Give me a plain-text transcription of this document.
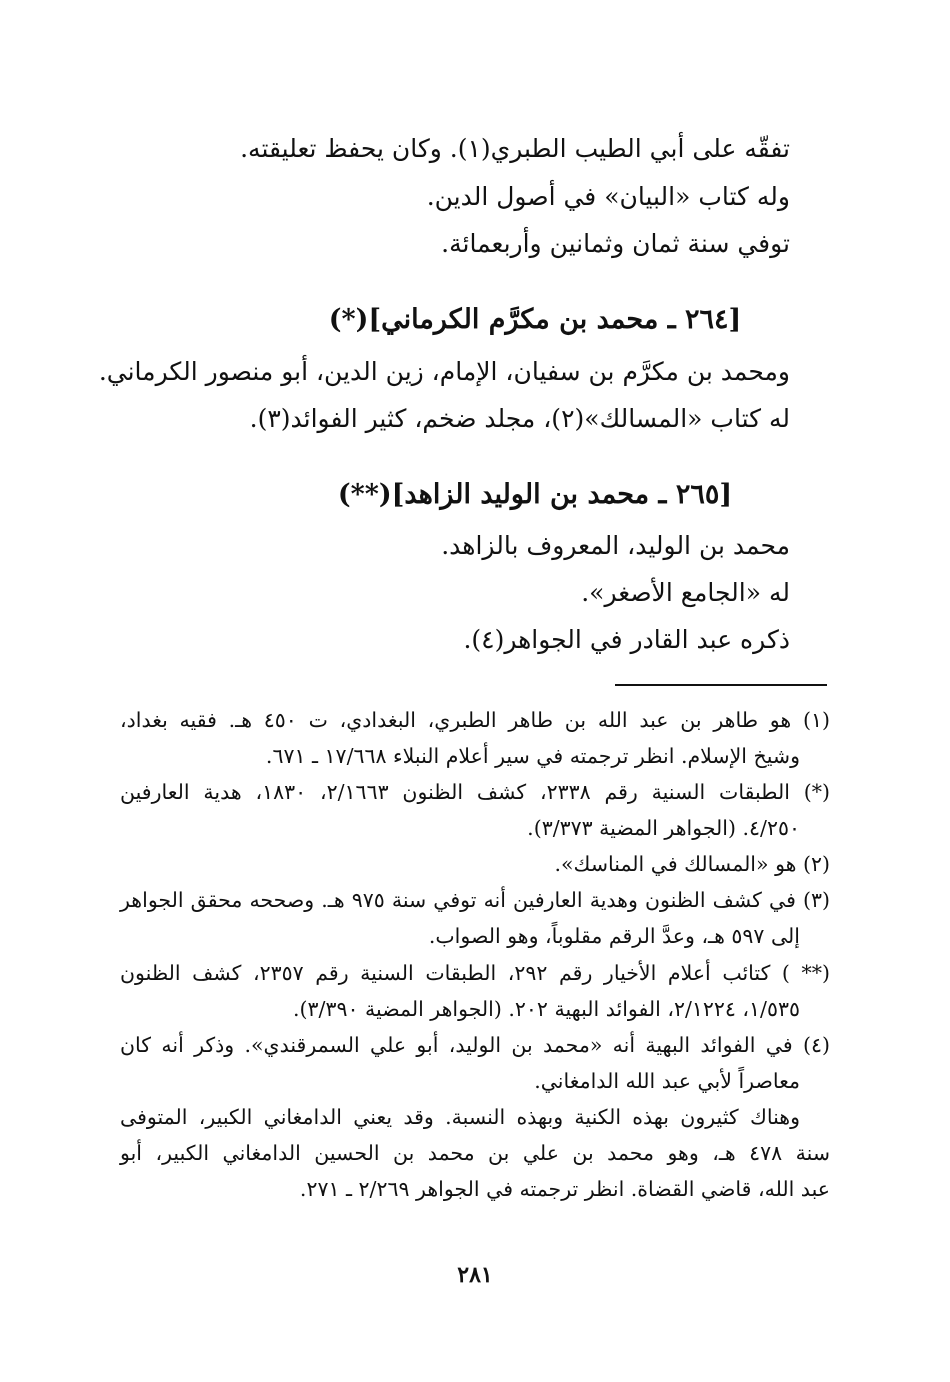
تفقّه على أبي الطيب الطبري(١). وكان يحفظ تعليقته.
وله كتاب «البيان» في أصول الدين.
توفي سنة ثمان وثمانين وأربعمائة.
[٢٦٤ ـ محمد بن مكرَّم الكرماني](*)
ومحمد بن مكرَّم بن سفيان، الإمام، زين الدين، أبو منصور الكرماني.
له كتاب «المسالك»(٢)، مجلد ضخم، كثير الفوائد(٣).
[٢٦٥ ـ محمد بن الوليد الزاهد](**)
محمد بن الوليد، المعروف بالزاهد.
له «الجامع الأصغر».
ذكره عبد القادر في الجواهر(٤).
(١) هو طاهر بن عبد الله بن طاهر الطبري، البغدادي، ت ٤٥٠ هـ. فقيه بغداد،
وشيخ الإسلام. انظر ترجمته في سير أعلام النبلاء ١٧/٦٦٨ ـ ٦٧١.
(*) الطبقات السنية رقم ٢٣٣٨، كشف الظنون ٢/١٦٦٣، ١٨٣٠، هدية العارفين
٤/٢٥٠. (الجواهر المضية ٣/٣٧٣).
(٢) هو «المسالك في المناسك».
(٣) في كشف الظنون وهدية العارفين أنه توفي سنة ٩٧٥ هـ. وصححه محقق الجواهر
إلى ٥٩٧ هـ، وعدَّ الرقم مقلوباً، وهو الصواب.
(** ) كتائب أعلام الأخيار رقم ٢٩٢، الطبقات السنية رقم ٢٣٥٧، كشف الظنون
١/٥٣٥، ٢/١٢٢٤، الفوائد البهية ٢٠٢. (الجواهر المضية ٣/٣٩٠).
(٤) في الفوائد البهية أنه «محمد بن الوليد، أبو علي السمرقندي». وذكر أنه كان
معاصراً لأبي عبد الله الدامغاني.
وهناك كثيرون بهذه الكنية وبهذه النسبة. وقد يعني الدامغاني الكبير، المتوفى
سنة ٤٧٨ هـ، وهو محمد بن علي بن محمد بن الحسين الدامغاني الكبير، أبو
عبد الله، قاضي القضاة. انظر ترجمته في الجواهر ٢/٢٦٩ ـ ٢٧١.
٢٨١
